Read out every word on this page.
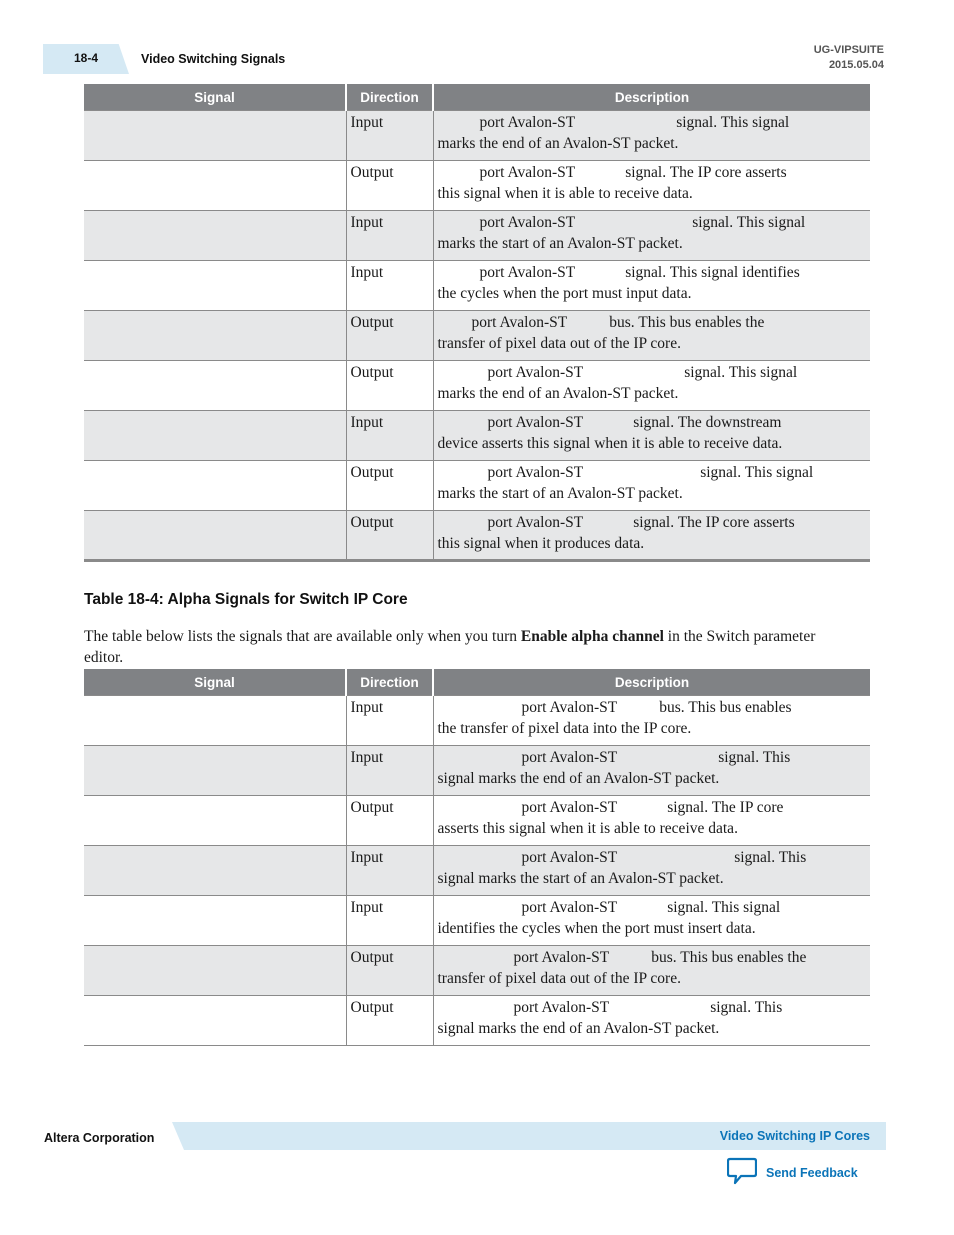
18-4	Video Switching Signals
UG-VIPSUITE
2015.05.04
Signal	Direction	Description
	Input	port Avalon-ST signal. This signal
marks the end of an Avalon-ST packet.
	Output	port Avalon-ST signal. The IP core asserts
this signal when it is able to receive data.
	Input	port Avalon-ST signal. This signal
marks the start of an Avalon-ST packet.
	Input	port Avalon-ST signal. This signal identifies
the cycles when the port must input data.
	Output	port Avalon-ST bus. This bus enables the
transfer of pixel data out of the IP core.
	Output	port Avalon-ST signal. This signal
marks the end of an Avalon-ST packet.
	Input	port Avalon-ST signal. The downstream
device asserts this signal when it is able to receive data.
	Output	port Avalon-ST signal. This signal
marks the start of an Avalon-ST packet.
	Output	port Avalon-ST signal. The IP core asserts
this signal when it produces data.
Table 18-4: Alpha Signals for Switch IP Core
The table below lists the signals that are available only when you turn Enable alpha channel in the Switch parameter editor.
Signal	Direction	Description
	Input	port Avalon-ST bus. This bus enables
the transfer of pixel data into the IP core.
	Input	port Avalon-ST signal. This
signal marks the end of an Avalon-ST packet.
	Output	port Avalon-ST signal. The IP core
asserts this signal when it is able to receive data.
	Input	port Avalon-ST signal. This
signal marks the start of an Avalon-ST packet.
	Input	port Avalon-ST signal. This signal
identifies the cycles when the port must insert data.
	Output	port Avalon-ST bus. This bus enables the
transfer of pixel data out of the IP core.
	Output	port Avalon-ST signal. This
signal marks the end of an Avalon-ST packet.
Altera Corporation	Video Switching IP Cores
Send Feedback
